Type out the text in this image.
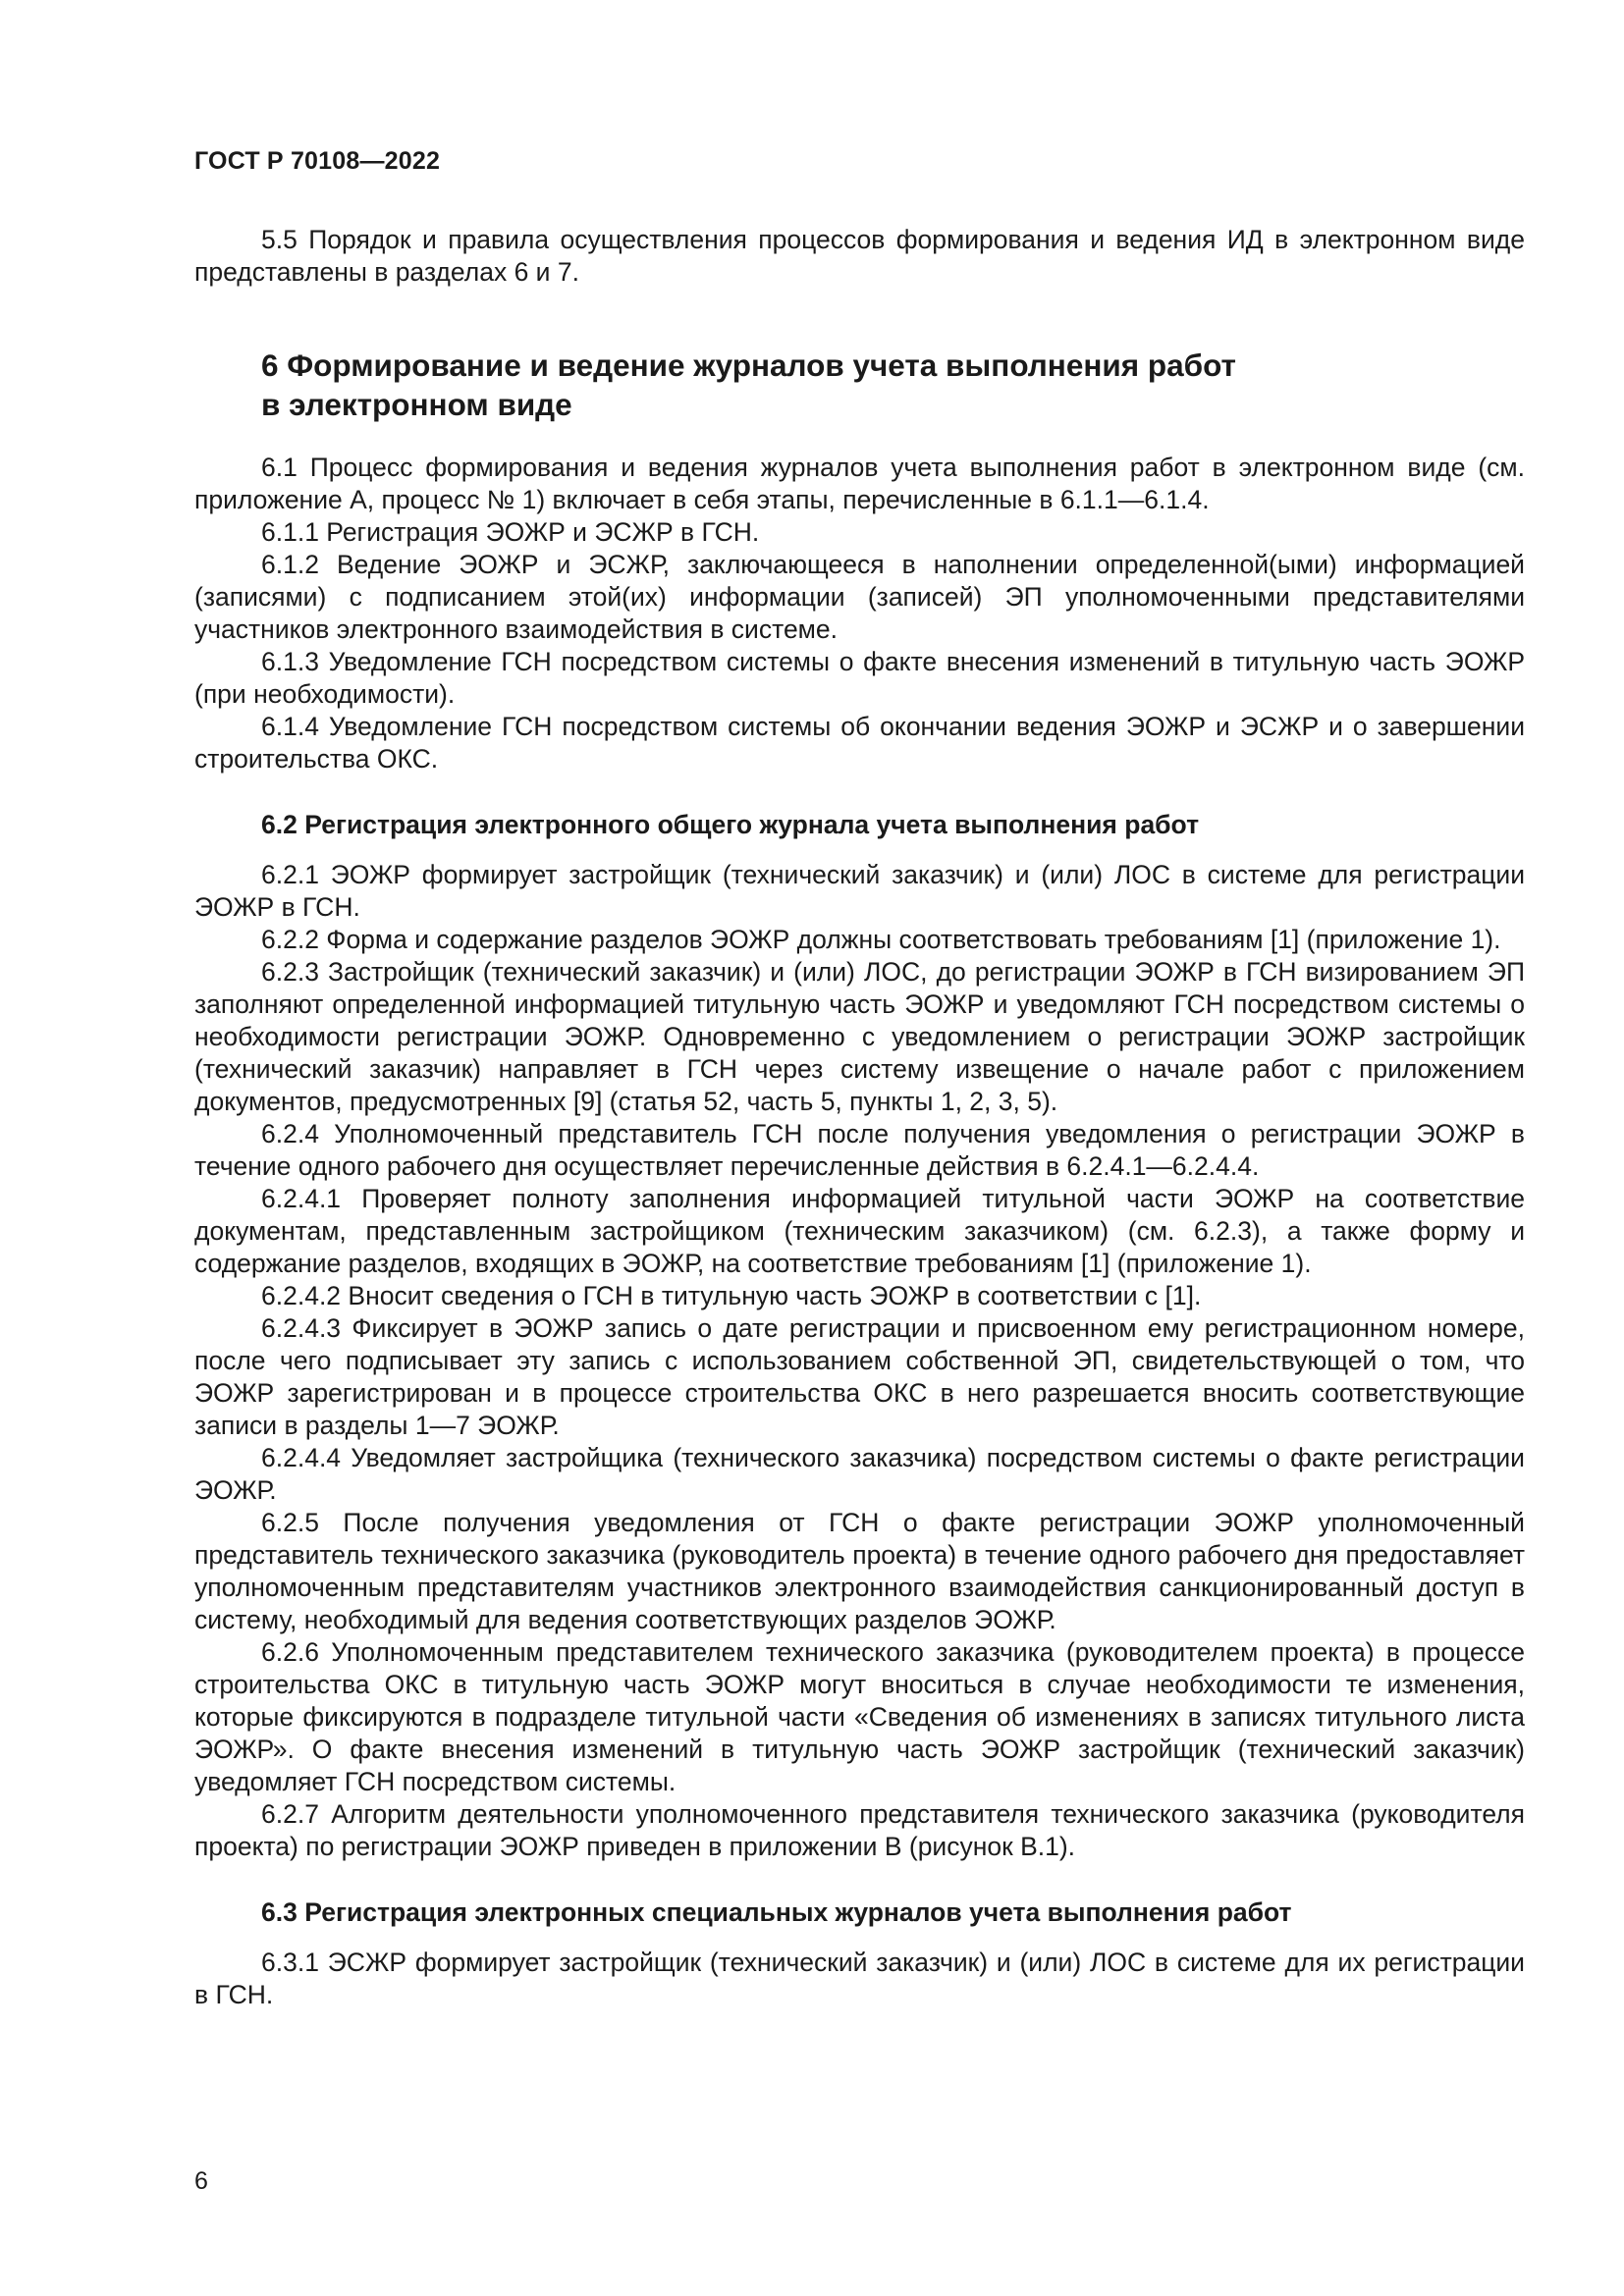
ГОСТ Р 70108—2022

5.5 Порядок и правила осуществления процессов формирования и ведения ИД в электронном виде представлены в разделах 6 и 7.

6 Формирование и ведение журналов учета выполнения работ
в электронном виде

6.1 Процесс формирования и ведения журналов учета выполнения работ в электронном виде (см. приложение А, процесс № 1) включает в себя этапы, перечисленные в 6.1.1—6.1.4.

6.1.1 Регистрация ЭОЖР и ЭСЖР в ГСН.

6.1.2 Ведение ЭОЖР и ЭСЖР, заключающееся в наполнении определенной(ыми) информацией (записями) с подписанием этой(их) информации (записей) ЭП уполномоченными представителями участников электронного взаимодействия в системе.

6.1.3 Уведомление ГСН посредством системы о факте внесения изменений в титульную часть ЭОЖР (при необходимости).

6.1.4 Уведомление ГСН посредством системы об окончании ведения ЭОЖР и ЭСЖР и о завершении строительства ОКС.

6.2 Регистрация электронного общего журнала учета выполнения работ

6.2.1 ЭОЖР формирует застройщик (технический заказчик) и (или) ЛОС в системе для регистрации ЭОЖР в ГСН.

6.2.2 Форма и содержание разделов ЭОЖР должны соответствовать требованиям [1] (приложение 1).

6.2.3 Застройщик (технический заказчик) и (или) ЛОС, до регистрации ЭОЖР в ГСН визированием ЭП заполняют определенной информацией титульную часть ЭОЖР и уведомляют ГСН посредством системы о необходимости регистрации ЭОЖР. Одновременно с уведомлением о регистрации ЭОЖР застройщик (технический заказчик) направляет в ГСН через систему извещение о начале работ с приложением документов, предусмотренных [9] (статья 52, часть 5, пункты 1, 2, 3, 5).

6.2.4 Уполномоченный представитель ГСН после получения уведомления о регистрации ЭОЖР в течение одного рабочего дня осуществляет перечисленные действия в 6.2.4.1—6.2.4.4.

6.2.4.1 Проверяет полноту заполнения информацией титульной части ЭОЖР на соответствие документам, представленным застройщиком (техническим заказчиком) (см. 6.2.3), а также форму и содержание разделов, входящих в ЭОЖР, на соответствие требованиям [1] (приложение 1).

6.2.4.2 Вносит сведения о ГСН в титульную часть ЭОЖР в соответствии с [1].

6.2.4.3 Фиксирует в ЭОЖР запись о дате регистрации и присвоенном ему регистрационном номере, после чего подписывает эту запись с использованием собственной ЭП, свидетельствующей о том, что ЭОЖР зарегистрирован и в процессе строительства ОКС в него разрешается вносить соответствующие записи в разделы 1—7 ЭОЖР.

6.2.4.4 Уведомляет застройщика (технического заказчика) посредством системы о факте регистрации ЭОЖР.

6.2.5 После получения уведомления от ГСН о факте регистрации ЭОЖР уполномоченный представитель технического заказчика (руководитель проекта) в течение одного рабочего дня предоставляет уполномоченным представителям участников электронного взаимодействия санкционированный доступ в систему, необходимый для ведения соответствующих разделов ЭОЖР.

6.2.6 Уполномоченным представителем технического заказчика (руководителем проекта) в процессе строительства ОКС в титульную часть ЭОЖР могут вноситься в случае необходимости те изменения, которые фиксируются в подразделе титульной части «Сведения об изменениях в записях титульного листа ЭОЖР». О факте внесения изменений в титульную часть ЭОЖР застройщик (технический заказчик) уведомляет ГСН посредством системы.

6.2.7 Алгоритм деятельности уполномоченного представителя технического заказчика (руководителя проекта) по регистрации ЭОЖР приведен в приложении В (рисунок В.1).

6.3 Регистрация электронных специальных журналов учета выполнения работ

6.3.1 ЭСЖР формирует застройщик (технический заказчик) и (или) ЛОС в системе для их регистрации в ГСН.

6
